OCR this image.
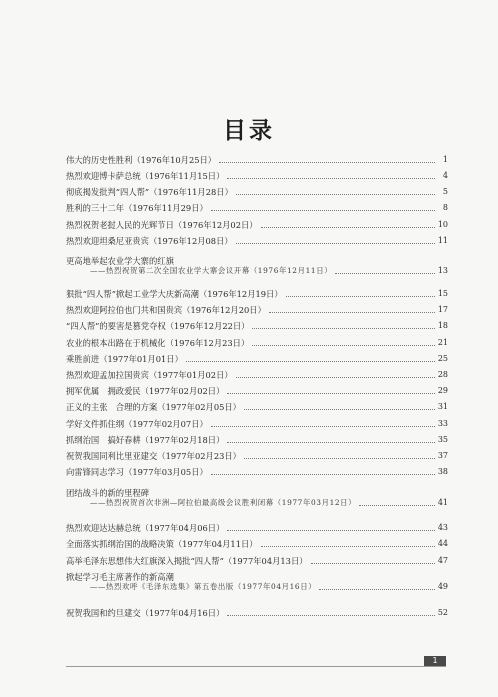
目录
伟大的历史性胜利（1976年10月25日）	1
热烈欢迎博卡萨总统（1976年11月15日）	4
彻底揭发批判“四人帮”（1976年11月28日）	5
胜利的三十二年（1976年11月29日）	8
热烈祝贺老挝人民的光辉节日（1976年12月02日）	10
热烈欢迎坦桑尼亚贵宾（1976年12月08日）	11
更高地举起农业学大寨的红旗
——热烈祝贺第二次全国农业学大寨会议开幕（1976年12月11日）	13
狠批“四人帮”掀起工业学大庆新高潮（1976年12月19日）	15
热烈欢迎阿拉伯也门共和国贵宾（1976年12月20日）	17
“四人帮”的要害是篡党夺权（1976年12月22日）	18
农业的根本出路在于机械化（1976年12月23日）	21
乘胜前进（1977年01月01日）	25
热烈欢迎孟加拉国贵宾（1977年01月02日）	28
拥军优属　拥政爱民（1977年02月02日）	29
正义的主张　合理的方案（1977年02月05日）	31
学好文件抓住纲（1977年02月07日）	33
抓纲治国　搞好春耕（1977年02月18日）	35
祝贺我国同利比里亚建交（1977年02月23日）	37
向雷锋同志学习（1977年03月05日）	38
团结战斗的新的里程碑
——热烈祝贺首次非洲—阿拉伯最高级会议胜利闭幕（1977年03月12日）	41
热烈欢迎达达赫总统（1977年04月06日）	43
全面落实抓纲治国的战略决策（1977年04月11日）	44
高举毛泽东思想伟大红旗深入揭批“四人帮”（1977年04月13日）	47
掀起学习毛主席著作的新高潮
——热烈欢呼《毛泽东选集》第五卷出版（1977年04月16日）	49
祝贺我国和约旦建交（1977年04月16日）	52
1
